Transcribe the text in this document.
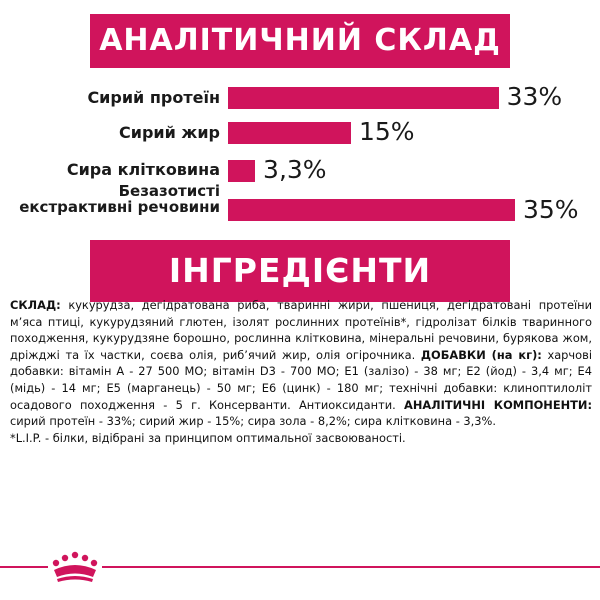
АНАЛІТИЧНИЙ СКЛАД
Сирий протеїн	33%
Сирий жир	15%
Сира клітковина 3,3%
Безазотисті
екстрактивні речовини	35%
ІНГРЕДІЄНТИ

СКЛАД: кукурудза, дегідратована риба, тваринні жири, пшениця, дегідратовані протеїни м’яса птиці, кукурудзяний глютен, ізолят рослинних протеїнів*, гідролізат білків тваринного походження, кукурудзяне борошно, рослинна клітковина, мінеральні речовини, бурякова жом, дріжджі та їх частки, соєва олія, риб’ячий жир, олія огірочника. ДОБАВКИ (на кг): харчові добавки: вітамін А - 27 500 МО; вітамін D3 - 700 МО; Е1 (залізо) - 38 мг; Е2 (йод) - 3,4 мг; Е4 (мідь) - 14 мг; Е5 (марганець) - 50 мг; Е6 (цинк) - 180 мг; технічні добавки: клиноптилоліт осадового походження - 5 г. Консерванти. Антиоксиданти. АНАЛІТИЧНІ КОМПОНЕНТИ: сирий протеїн - 33%; сирий жир - 15%; сира зола - 8,2%; сира клітковина - 3,3%.

*L.I.P. - білки, відібрані за принципом оптимальної засвоюваності.
